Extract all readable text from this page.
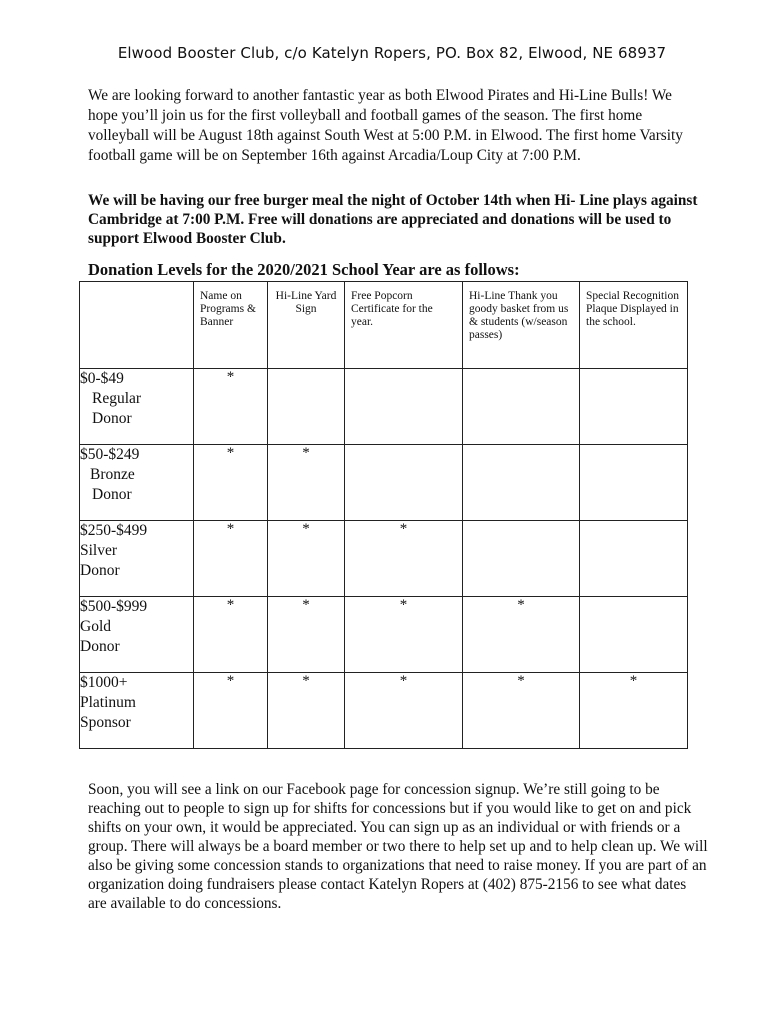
Elwood Booster Club, c/o Katelyn Ropers, PO. Box 82, Elwood, NE 68937

We are looking forward to another fantastic year as both Elwood Pirates and Hi-Line Bulls! We hope you’ll join us for the first volleyball and football games of the season. The first home

volleyball will be August 18th against South West at 5:00 P.M. in Elwood. The first home Varsity football game will be on September 16th against Arcadia/Loup City at 7:00 P.M.

We will be having our free burger meal the night of October 14th when Hi- Line plays against Cambridge at 7:00 P.M. Free will donations are appreciated and donations will be used to support Elwood Booster Club.

Donation Levels for the 2020/2021 School Year are as follows:
	Name on Programs & Banner	Hi-Line Yard Sign	Free Popcorn Certificate for the year.	Hi-Line Thank you goody basket from us & students (w/season passes)	Special Recognition Plaque Displayed in the school.

$0-$49
Regular
Donor	*				

$50-$249
Bronze
Donor	*	*			

$250-$499
Silver
Donor	*	*	*		

$500-$999
Gold
Donor	*	*	*	*	

$1000+
Platinum
Sponsor	*	*	*	*	*

Soon, you will see a link on our Facebook page for concession signup. We’re still going to be reaching out to people to sign up for shifts for concessions but if you would like to get on and pick shifts on your own, it would be appreciated. You can sign up as an individual or with friends or a group. There will always be a board member or two there to help set up and to help clean up. We will also be giving some concession stands to organizations that need to raise money. If you are part of an organization doing fundraisers please contact Katelyn Ropers at (402) 875-2156 to see what dates are available to do concessions.
